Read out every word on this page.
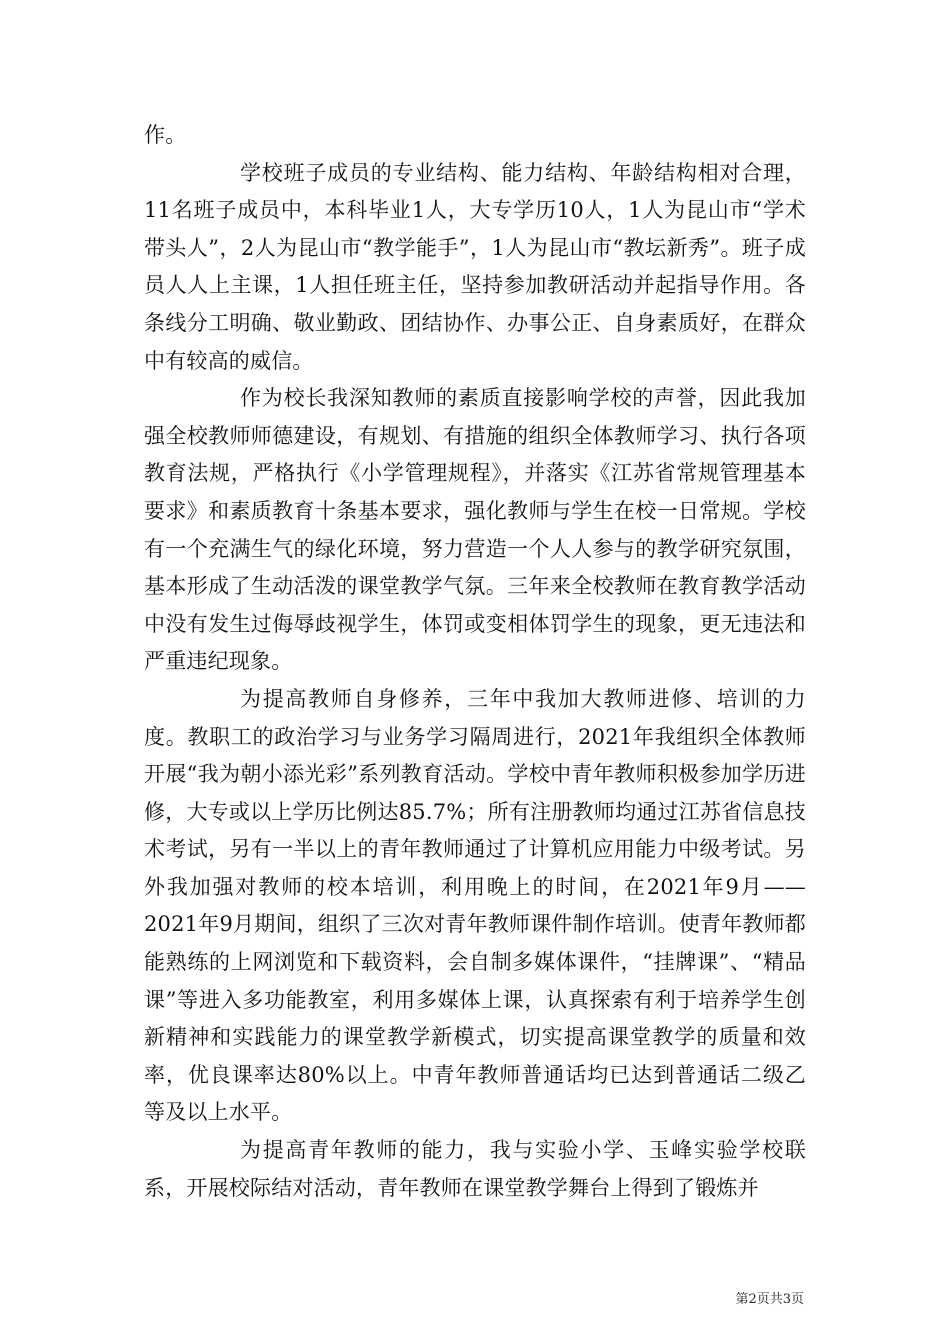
作。

学校班子成员的专业结构、能力结构、年龄结构相对合理，11名班子成员中，本科毕业1人，大专学历10人，1人为昆山市“学术带头人”，2人为昆山市“教学能手”，1人为昆山市“教坛新秀”。班子成员人人上主课，1人担任班主任，坚持参加教研活动并起指导作用。各条线分工明确、敬业勤政、团结协作、办事公正、自身素质好，在群众中有较高的威信。

作为校长我深知教师的素质直接影响学校的声誉，因此我加强全校教师师德建设，有规划、有措施的组织全体教师学习、执行各项教育法规，严格执行《小学管理规程》，并落实《江苏省常规管理基本要求》和素质教育十条基本要求，强化教师与学生在校一日常规。学校有一个充满生气的绿化环境，努力营造一个人人参与的教学研究氛围，基本形成了生动活泼的课堂教学气氛。三年来全校教师在教育教学活动中没有发生过侮辱歧视学生，体罚或变相体罚学生的现象，更无违法和严重违纪现象。

为提高教师自身修养，三年中我加大教师进修、培训的力度。教职工的政治学习与业务学习隔周进行，2021年我组织全体教师开展“我为朝小添光彩”系列教育活动。学校中青年教师积极参加学历进修，大专或以上学历比例达85.7%；所有注册教师均通过江苏省信息技术考试，另有一半以上的青年教师通过了计算机应用能力中级考试。另外我加强对教师的校本培训，利用晚上的时间，在2021年9月——2021年9月期间，组织了三次对青年教师课件制作培训。使青年教师都能熟练的上网浏览和下载资料，会自制多媒体课件，“挂牌课”、“精品课”等进入多功能教室，利用多媒体上课，认真探索有利于培养学生创新精神和实践能力的课堂教学新模式，切实提高课堂教学的质量和效率，优良课率达80%以上。中青年教师普通话均已达到普通话二级乙等及以上水平。

为提高青年教师的能力，我与实验小学、玉峰实验学校联系，开展校际结对活动，青年教师在课堂教学舞台上得到了锻炼并

第2页共3页
